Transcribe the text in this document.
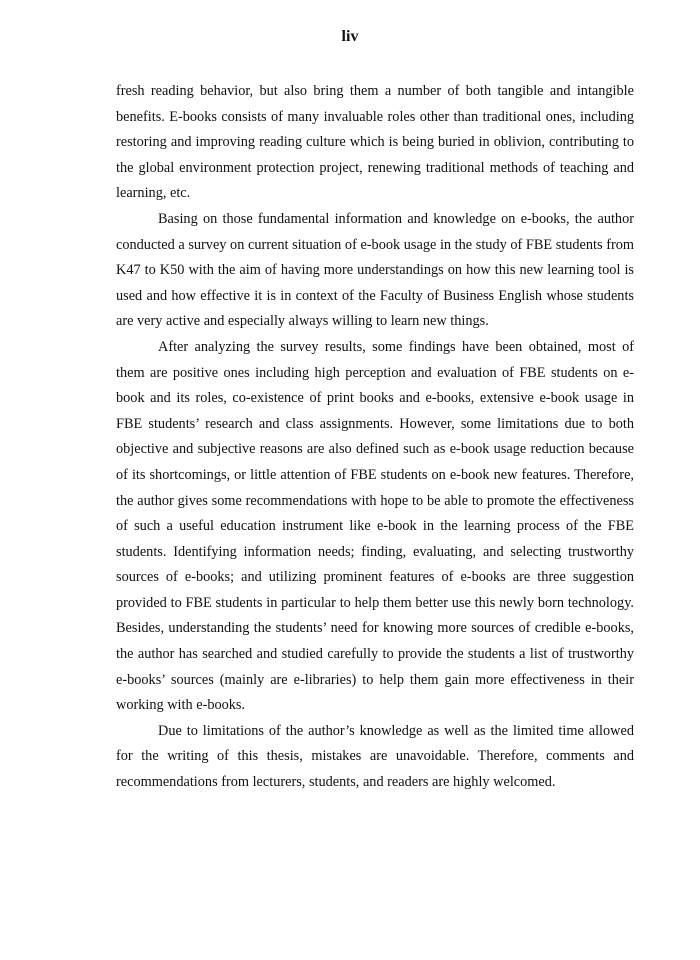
liv

fresh reading behavior, but also bring them a number of both tangible and intangible benefits. E-books consists of many invaluable roles other than traditional ones, including restoring and improving reading culture which is being buried in oblivion, contributing to the global environment protection project, renewing traditional methods of teaching and learning, etc.

Basing on those fundamental information and knowledge on e-books, the author conducted a survey on current situation of e-book usage in the study of FBE students from K47 to K50 with the aim of having more understandings on how this new learning tool is used and how effective it is in context of the Faculty of Business English whose students are very active and especially always willing to learn new things.

After analyzing the survey results, some findings have been obtained, most of them are positive ones including high perception and evaluation of FBE students on e-book and its roles, co-existence of print books and e-books, extensive e-book usage in FBE students’ research and class assignments. However, some limitations due to both objective and subjective reasons are also defined such as e-book usage reduction because of its shortcomings, or little attention of FBE students on e-book new features. Therefore, the author gives some recommendations with hope to be able to promote the effectiveness of such a useful education instrument like e-book in the learning process of the FBE students. Identifying information needs; finding, evaluating, and selecting trustworthy sources of e-books; and utilizing prominent features of e-books are three suggestion provided to FBE students in particular to help them better use this newly born technology. Besides, understanding the students’ need for knowing more sources of credible e-books, the author has searched and studied carefully to provide the students a list of trustworthy e-books’ sources (mainly are e-libraries) to help them gain more effectiveness in their working with e-books.

Due to limitations of the author’s knowledge as well as the limited time allowed for the writing of this thesis, mistakes are unavoidable. Therefore, comments and recommendations from lecturers, students, and readers are highly welcomed.
